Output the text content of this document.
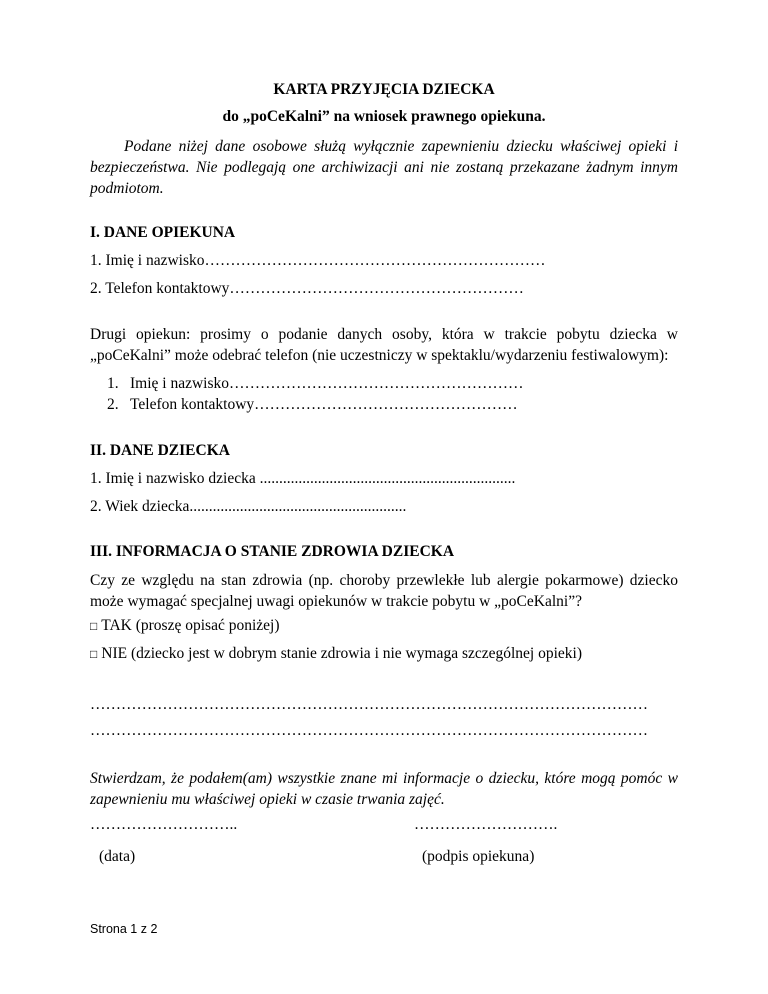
KARTA PRZYJĘCIA DZIECKA
do „poCeKalni” na wniosek prawnego opiekuna.

Podane niżej dane osobowe służą wyłącznie zapewnieniu dziecku właściwej opieki i bezpieczeństwa. Nie podlegają one archiwizacji ani nie zostaną przekazane żadnym innym podmiotom.

I. DANE OPIEKUNA
1. Imię i nazwisko…………………………………………………………
2. Telefon kontaktowy…………………………………………………

Drugi opiekun: prosimy o podanie danych osoby, która w trakcie pobytu dziecka w „poCeKalni” może odebrać telefon (nie uczestniczy w spektaklu/wydarzeniu festiwalowym):

1. Imię i nazwisko…………………………………………………
2. Telefon kontaktowy……………………………………………
II. DANE DZIECKA
1. Imię i nazwisko dziecka ..................................................................
2. Wiek dziecka........................................................
III. INFORMACJA O STANIE ZDROWIA DZIECKA

Czy ze względu na stan zdrowia (np. choroby przewlekłe lub alergie pokarmowe) dziecko może wymagać specjalnej uwagi opiekunów w trakcie pobytu w „poCeKalni”?

□ TAK (proszę opisać poniżej)
□ NIE (dziecko jest w dobrym stanie zdrowia i nie wymaga szczególnej opieki)
………………………………………………………………………………………………
………………………………………………………………………………………………

Stwierdzam, że podałem(am) wszystkie znane mi informacje o dziecku, które mogą pomóc w zapewnieniu mu właściwej opieki w czasie trwania zajęć.

………………………..	……………………….
(data)	(podpis opiekuna)
Strona 1 z 2
